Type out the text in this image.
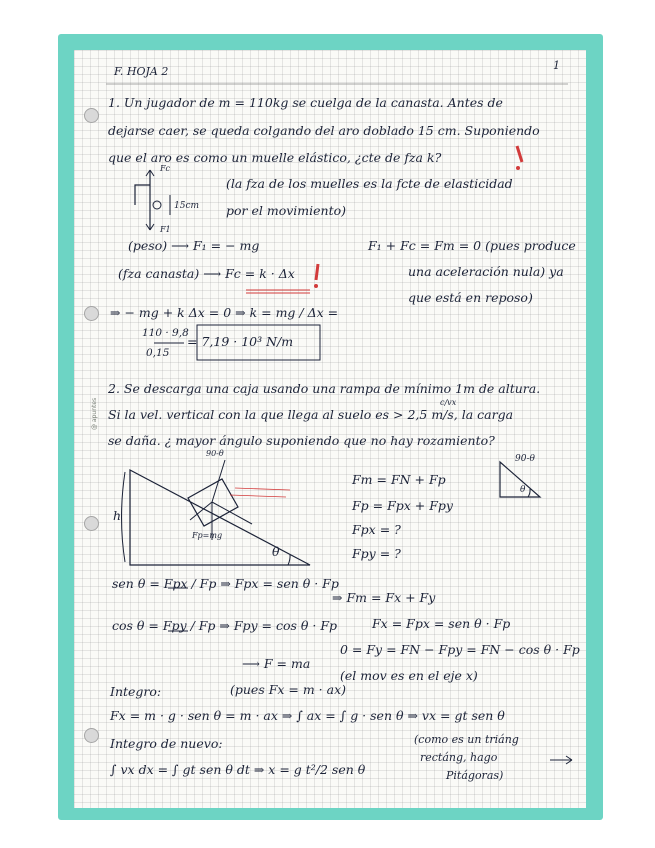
@ apuntes
F. HOJA 2	1
1. Un jugador de m = 110kg se cuelga de la canasta. Antes de
dejarse caer, se queda colgando del aro doblado 15 cm. Suponiendo
que el aro es como un muelle elástico, ¿cte de fza k?
Fc
15cm
F1
(la fza de los muelles es la fcte de elasticidad
por el movimiento)
(peso) ⟶ F₁ = − mg
(fza canasta) ⟶ Fc = k · Δx
F₁ + Fc = Fт = 0 (pues produce
una aceleración nula) ya
que está en reposo)
⇒ − mg + k Δx = 0 ⇒ k = mg / Δx =
110 · 9,8
0,15
= 7,19 · 10³ N/m
2. Se descarga una caja usando una rampa de mínimo 1m de altura.
c/vx
Si la vel. vertical con la que llega al suelo es > 2,5 m/s, la carga
se daña. ¿ mayor ángulo suponiendo que no hay rozamiento?
h
θ
90-θ
Fp=mg
Fт = FN + Fp
Fp = Fpx + Fpy
Fpx = ?
Fpy = ?
90-θ
θ
sen θ = Fpx / Fp ⇒ Fpx = sen θ · Fp
cos θ = Fpy / Fp ⇒ Fpy = cos θ · Fp
⇒ Fт = Fx + Fy
Fx = Fpx = sen θ · Fp
0 = Fy = FN − Fpy = FN − cos θ · Fp
(el mov es en el eje x)
⟶ F = ma
Integro:	(pues Fx = m · ax)
Fx = m · g · sen θ = m · ax ⇒ ∫ ax = ∫ g · sen θ ⇒ vx = gt sen θ
Integro de nuevo:
∫ vx dx = ∫ gt sen θ dt ⇒ x = g t²/2 sen θ
(como es un triáng
rectáng, hago
Pitágoras)
